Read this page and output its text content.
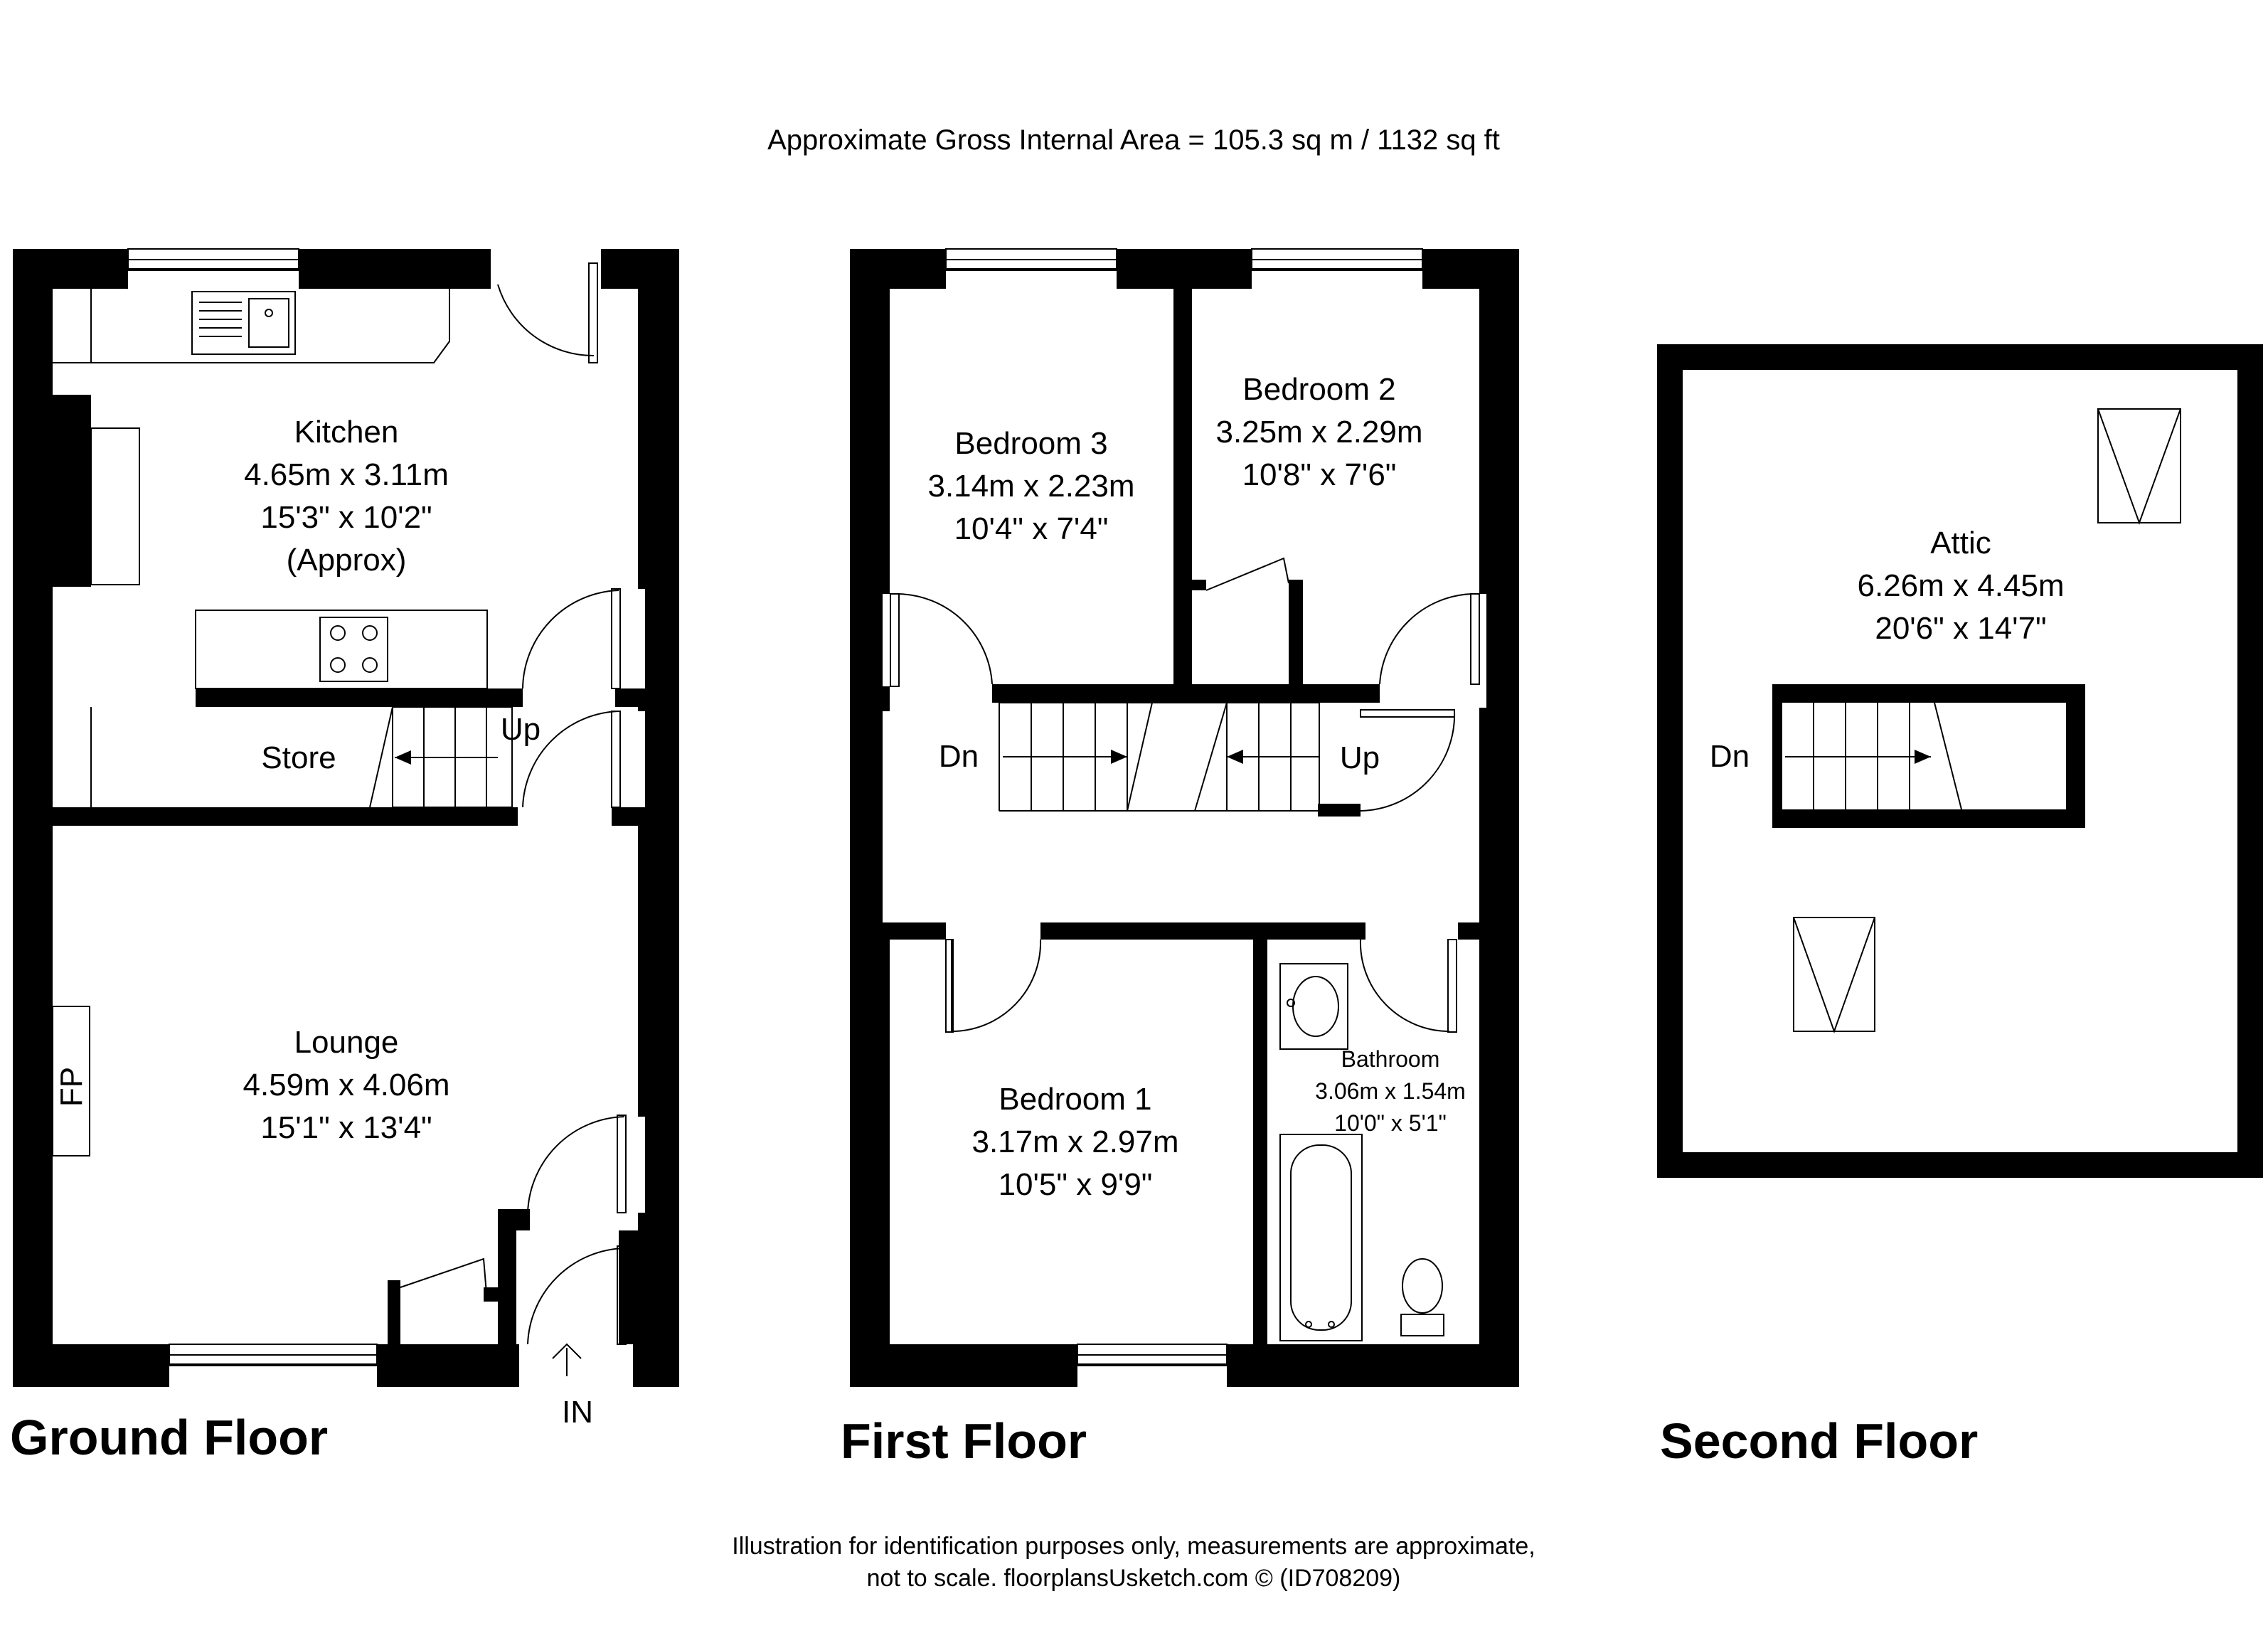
Approximate Gross Internal Area = 105.3 sq m / 1132 sq ft
Kitchen
4.65m x 3.11m
15'3" x 10'2"
(Approx)
Store
Up
Lounge
4.59m x 4.06m
15'1" x 13'4"
FP
IN
Ground Floor
Bedroom 3
3.14m x 2.23m
10'4" x 7'4"
Bedroom 2
3.25m x 2.29m
10'8" x 7'6"
Dn	Up
Bedroom 1
3.17m x 2.97m
10'5" x 9'9"
Bathroom
3.06m x 1.54m
10'0" x 5'1"
First Floor
Attic
6.26m x 4.45m
20'6" x 14'7"
Dn
Second Floor
Illustration for identification purposes only, measurements are approximate,
not to scale. floorplansUsketch.com © (ID708209)
